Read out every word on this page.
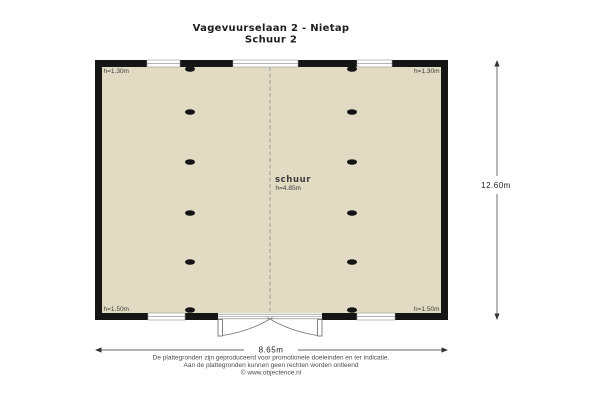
Vagevuurselaan 2 - Nietap
Schuur 2
h=1.30m	h=1.30m
h=1.50m	h=1.50m
schuur
h=4.85m	12.60m
8.65m
De plattegronden zijn geproduceerd voor promotionele doeleinden en ter indicatie.
Aan de plattegronden kunnen geen rechten worden ontleend
© www.objectence.nl
